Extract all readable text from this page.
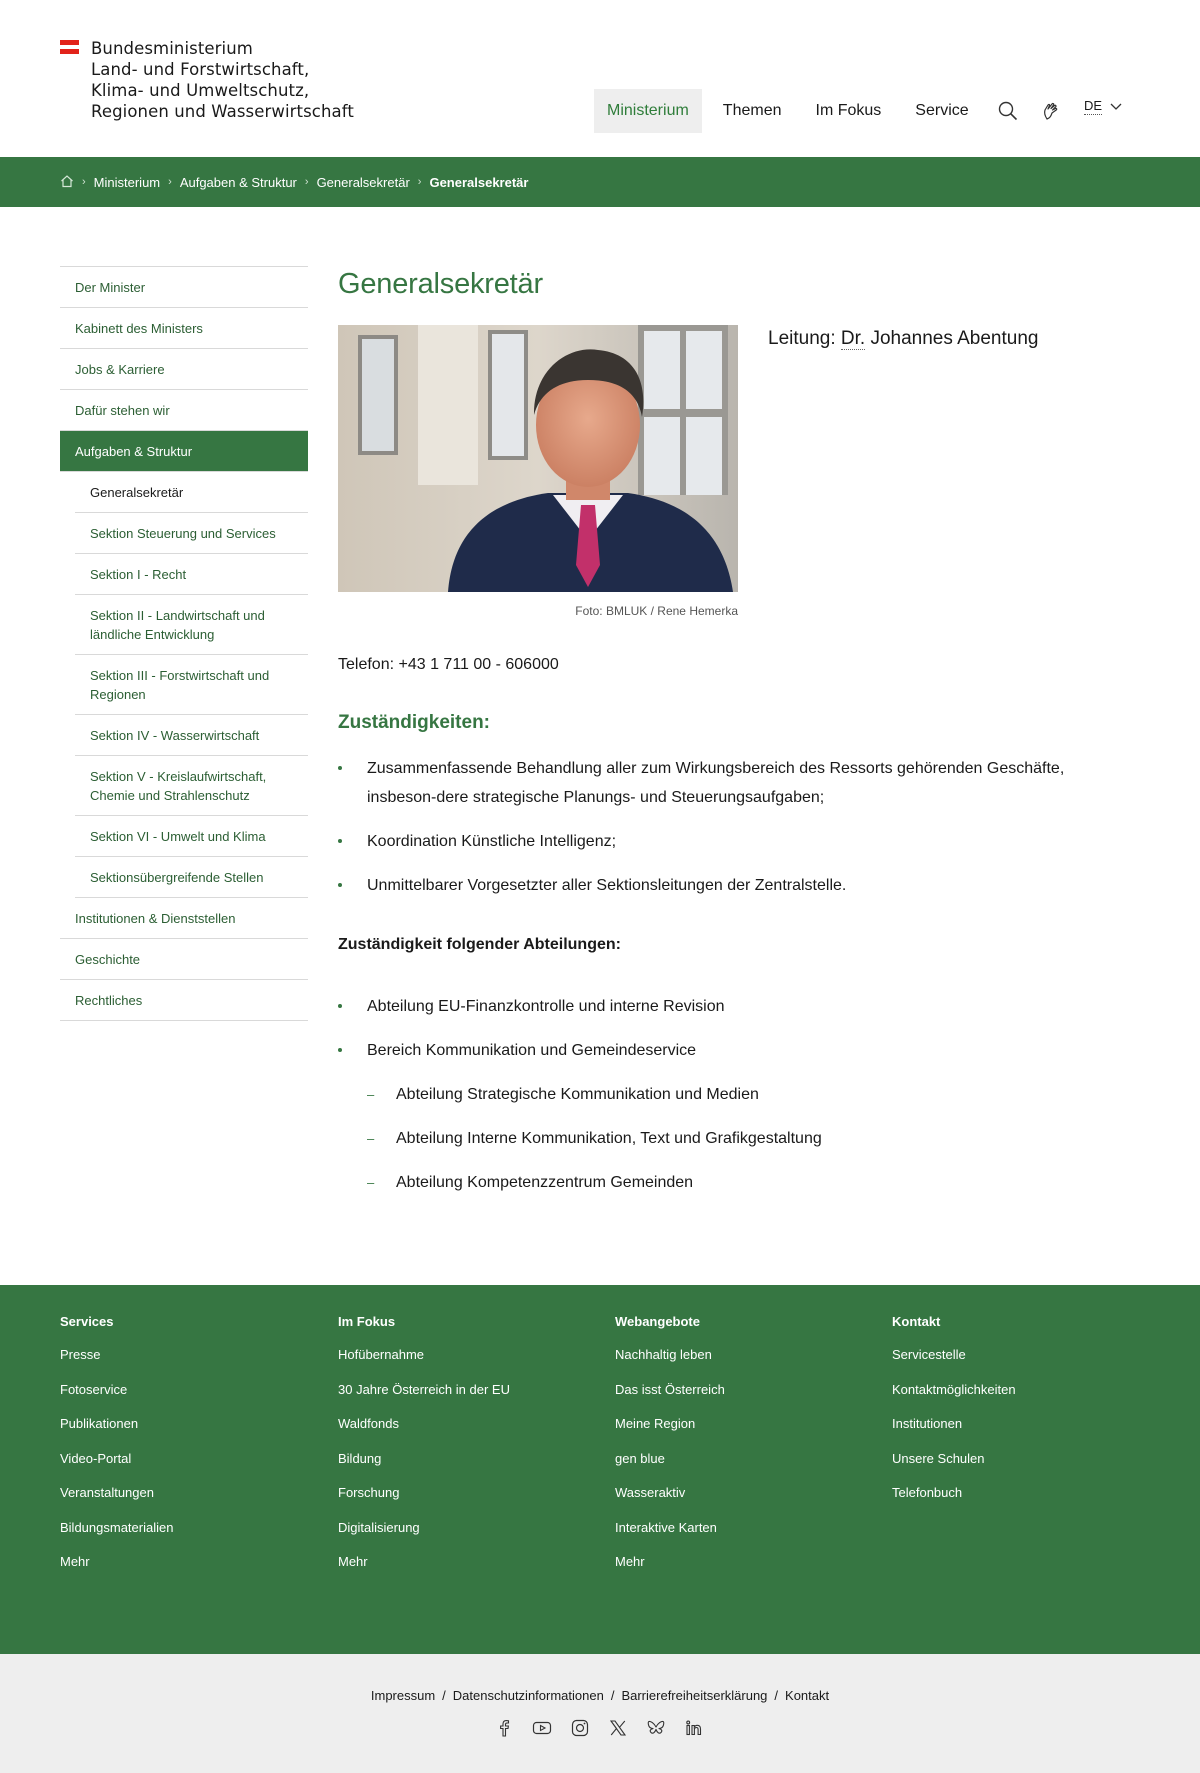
Bundesministerium
Land- und Forstwirtschaft,
Klima- und Umweltschutz,
Regionen und Wasserwirtschaft	Ministerium	Themen	Im Fokus	Service	DE
› Ministerium › Aufgaben & Struktur › Generalsekretär › Generalsekretär
Der Minister
Kabinett des Ministers
Jobs & Karriere
Dafür stehen wir
Aufgaben & Struktur
Generalsekretär
Sektion Steuerung und Services
Sektion I - Recht
Sektion II - Landwirtschaft und ländliche Entwicklung
Sektion III - Forstwirtschaft und Regionen
Sektion IV - Wasserwirtschaft
Sektion V - Kreislaufwirtschaft, Chemie und Strahlenschutz
Sektion VI - Umwelt und Klima
Sektionsübergreifende Stellen
Institutionen & Dienststellen
Geschichte
Rechtliches
Generalsekretär
Foto: BMLUK / Rene Hemerka
Leitung: Dr. Johannes Abentung
Telefon: +43 1 711 00 - 606000
Zuständigkeiten:
Zusammenfassende Behandlung aller zum Wirkungsbereich des Ressorts gehörenden Geschäfte, insbeson-dere strategische Planungs- und Steuerungsaufgaben;
Koordination Künstliche Intelligenz;
Unmittelbarer Vorgesetzter aller Sektionsleitungen der Zentralstelle.
Zuständigkeit folgender Abteilungen:
Abteilung EU-Finanzkontrolle und interne Revision
Bereich Kommunikation und Gemeindeservice
– Abteilung Strategische Kommunikation und Medien
– Abteilung Interne Kommunikation, Text und Grafikgestaltung
– Abteilung Kompetenzzentrum Gemeinden
Services
Presse
Fotoservice
Publikationen
Video-Portal
Veranstaltungen
Bildungsmaterialien
Mehr
Im Fokus
Hofübernahme
30 Jahre Österreich in der EU
Waldfonds
Bildung
Forschung
Digitalisierung
Mehr
Webangebote
Nachhaltig leben
Das isst Österreich
Meine Region
gen blue
Wasseraktiv
Interaktive Karten
Mehr
Kontakt
Servicestelle
Kontaktmöglichkeiten
Institutionen
Unsere Schulen
Telefonbuch
Impressum / Datenschutzinformationen / Barrierefreiheitserklärung / Kontakt
